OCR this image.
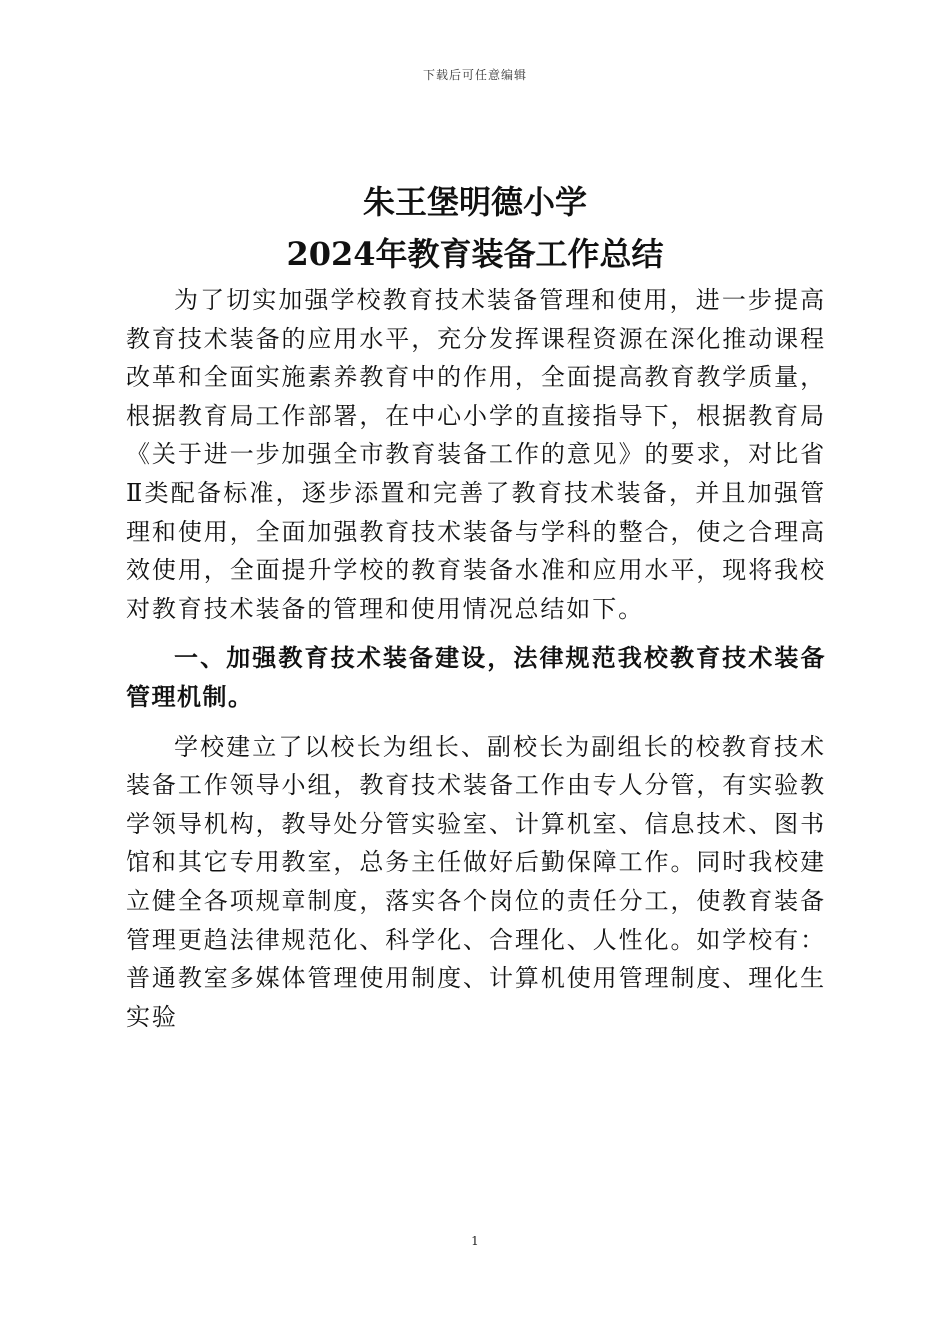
下载后可任意编辑

朱王堡明德小学

2024年教育装备工作总结

为了切实加强学校教育技术装备管理和使用，进一步提高教育技术装备的应用水平，充分发挥课程资源在深化推动课程改革和全面实施素养教育中的作用，全面提高教育教学质量，根据教育局工作部署，在中心小学的直接指导下，根据教育局《关于进一步加强全市教育装备工作的意见》的要求，对比省Ⅱ类配备标准，逐步添置和完善了教育技术装备，并且加强管理和使用，全面加强教育技术装备与学科的整合，使之合理高效使用，全面提升学校的教育装备水准和应用水平，现将我校对教育技术装备的管理和使用情况总结如下。

一、加强教育技术装备建设，法律规范我校教育技术装备管理机制。

学校建立了以校长为组长、副校长为副组长的校教育技术装备工作领导小组，教育技术装备工作由专人分管，有实验教学领导机构，教导处分管实验室、计算机室、信息技术、图书馆和其它专用教室，总务主任做好后勤保障工作。同时我校建立健全各项规章制度，落实各个岗位的责任分工，使教育装备管理更趋法律规范化、科学化、合理化、人性化。如学校有：普通教室多媒体管理使用制度、计算机使用管理制度、理化生实验

1
